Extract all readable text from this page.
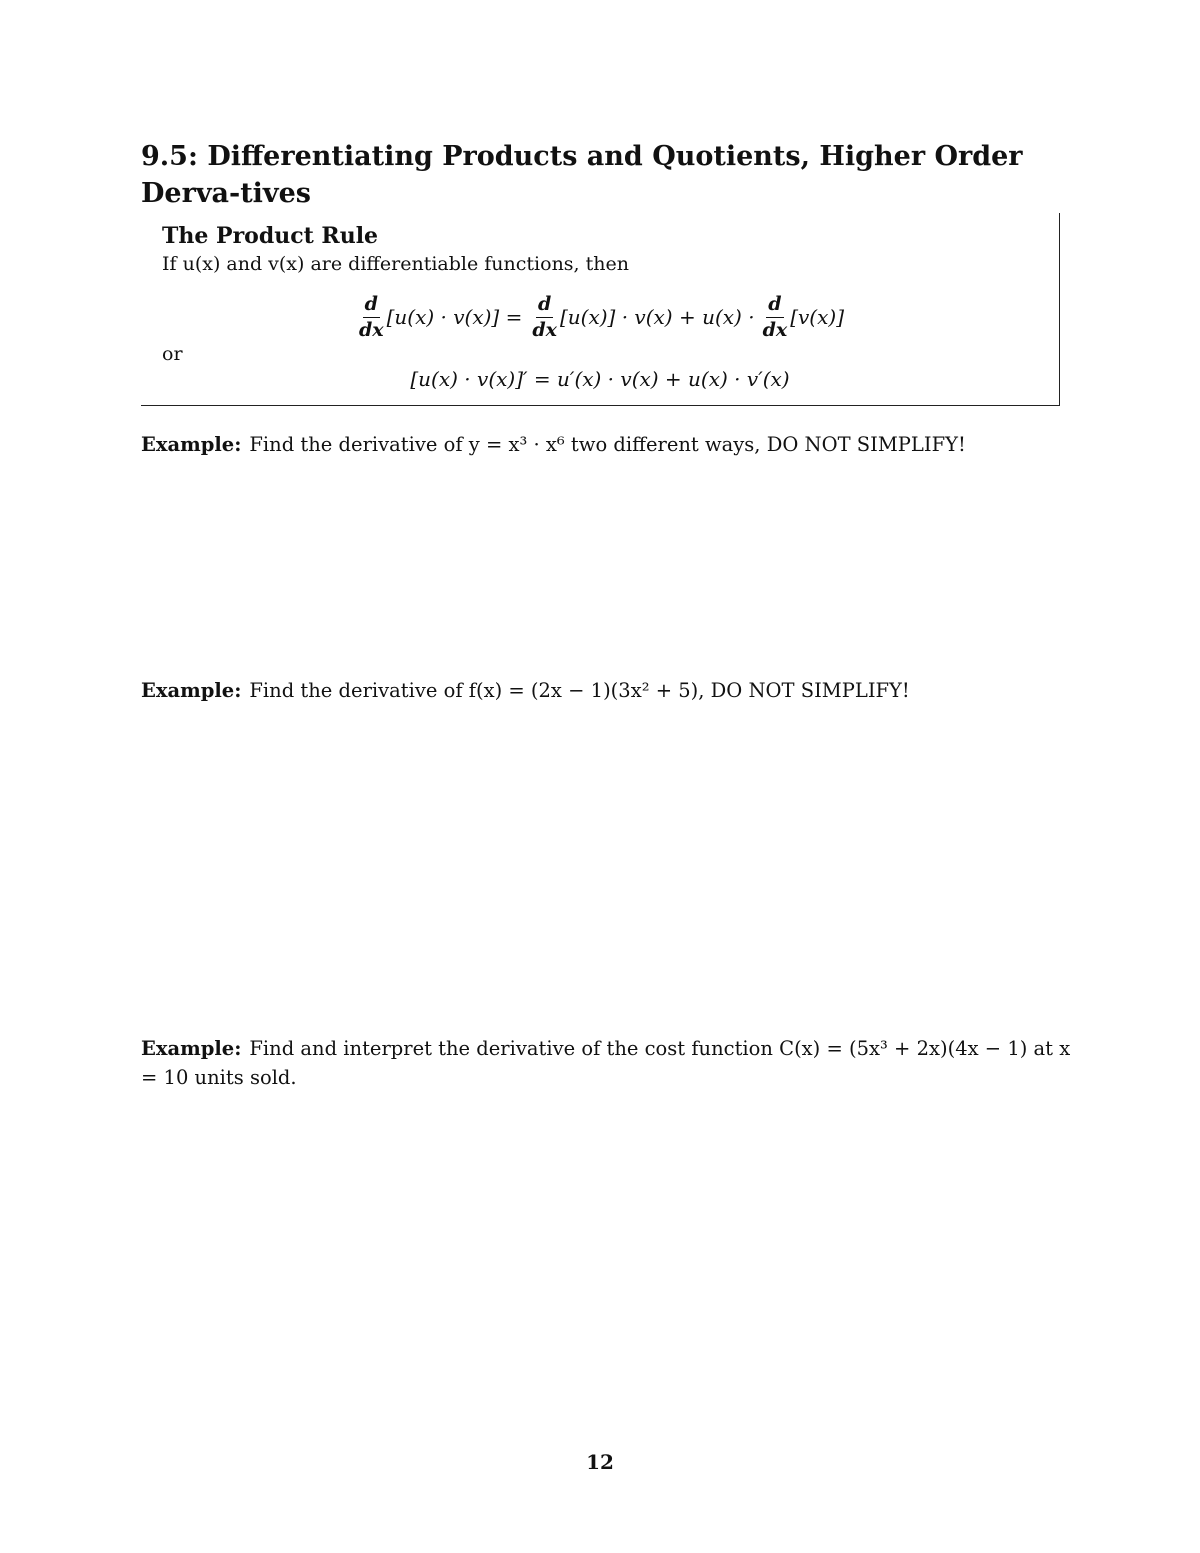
9.5: Differentiating Products and Quotients, Higher Order Derva-tives
The Product Rule
If u(x) and v(x) are differentiable functions, then
$\frac{d}{dx} [u(x) \cdot v(x)] = \frac{d}{dx} [u(x)] \cdot v(x) + u(x) \cdot \frac{d}{dx} [v(x)]$
or
[u(x) · v(x)]′ = u′(x) · v(x) + u(x) · v′(x)
Example: Find the derivative of y = x³ · x⁶ two different ways, DO NOT SIMPLIFY!
Example: Find the derivative of f(x) = (2x − 1)(3x² + 5), DO NOT SIMPLIFY!
Example: Find and interpret the derivative of the cost function C(x) = (5x³ + 2x)(4x − 1) at x = 10 units sold.
12
